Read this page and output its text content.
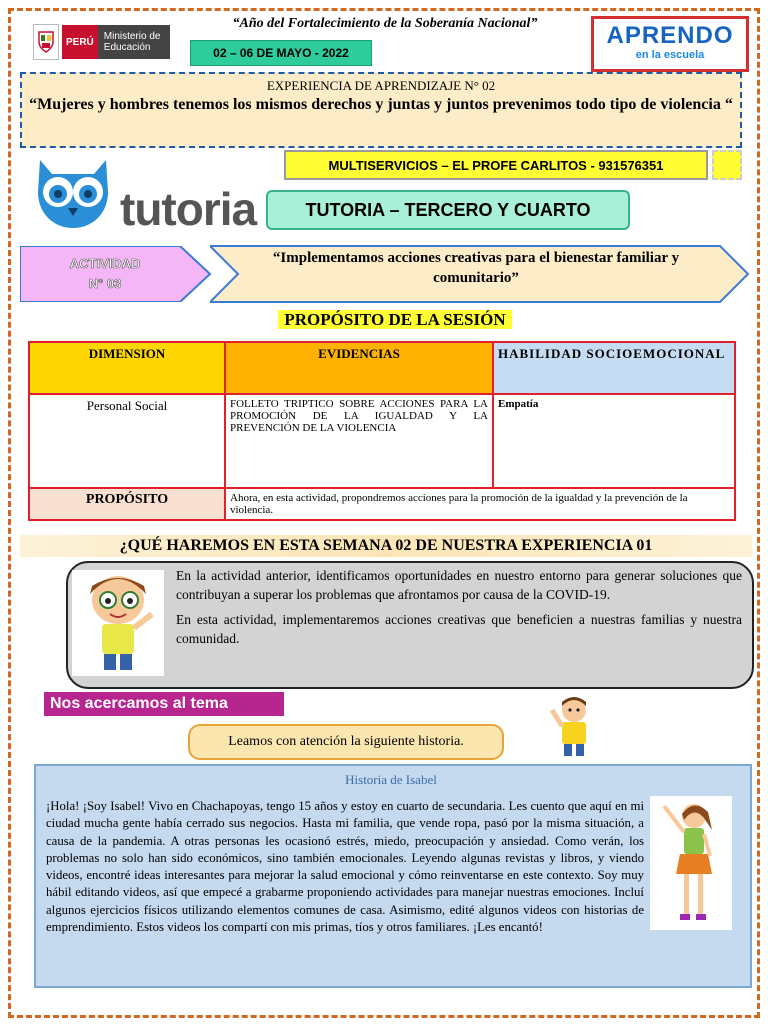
PERÚ	Ministerio de Educación
“Año del Fortalecimiento de la Soberanía Nacional”
02 – 06 DE MAYO - 2022
APRENDO
en la escuela
EXPERIENCIA DE APRENDIZAJE N° 02
“Mujeres y hombres tenemos los mismos derechos y juntas y juntos prevenimos todo tipo de violencia “
tutoria
MULTISERVICIOS – EL PROFE CARLITOS - 931576351
TUTORIA – TERCERO Y CUARTO
ACTIVIDAD
N° 03
“Implementamos acciones creativas para el bienestar familiar y comunitario”
PROPÓSITO DE LA SESIÓN
DIMENSION	EVIDENCIAS	HABILIDAD SOCIOEMOCIONAL
Personal Social	FOLLETO TRIPTICO SOBRE ACCIONES PARA LA PROMOCIÓN DE LA IGUALDAD Y LA PREVENCIÓN DE LA VIOLENCIA	Empatía
PROPÓSITO	Ahora, en esta actividad, propondremos acciones para la promoción de la igualdad y la prevención de la violencia.	
¿QUÉ HAREMOS EN ESTA SEMANA 02 DE NUESTRA EXPERIENCIA 01

En la actividad anterior, identificamos oportunidades en nuestro entorno para generar soluciones que contribuyan a superar los problemas que afrontamos por causa de la COVID-19.

En esta actividad, implementaremos acciones creativas que beneficien a nuestras familias y nuestra comunidad.

Nos acercamos al tema
Leamos con atención la siguiente historia.
Historia de Isabel
¡Hola! ¡Soy Isabel! Vivo en Chachapoyas, tengo 15 años y estoy en cuarto de secundaria. Les cuento que aquí en mi ciudad mucha gente había cerrado sus negocios. Hasta mi familia, que vende ropa, pasó por la misma situación, a causa de la pandemia. A otras personas les ocasionó estrés, miedo, preocupación y ansiedad. Como verán, los problemas no solo han sido económicos, sino también emocionales. Leyendo algunas revistas y libros, y viendo videos, encontré ideas interesantes para mejorar la salud emocional y cómo reinventarse en este contexto. Soy muy hábil editando videos, así que empecé a grabarme proponiendo actividades para manejar nuestras emociones. Incluí algunos ejercicios físicos utilizando elementos comunes de casa. Asimismo, edité algunos videos con historias de emprendimiento. Estos videos los compartí con mis primas, tíos y otros familiares. ¡Les encantó!
